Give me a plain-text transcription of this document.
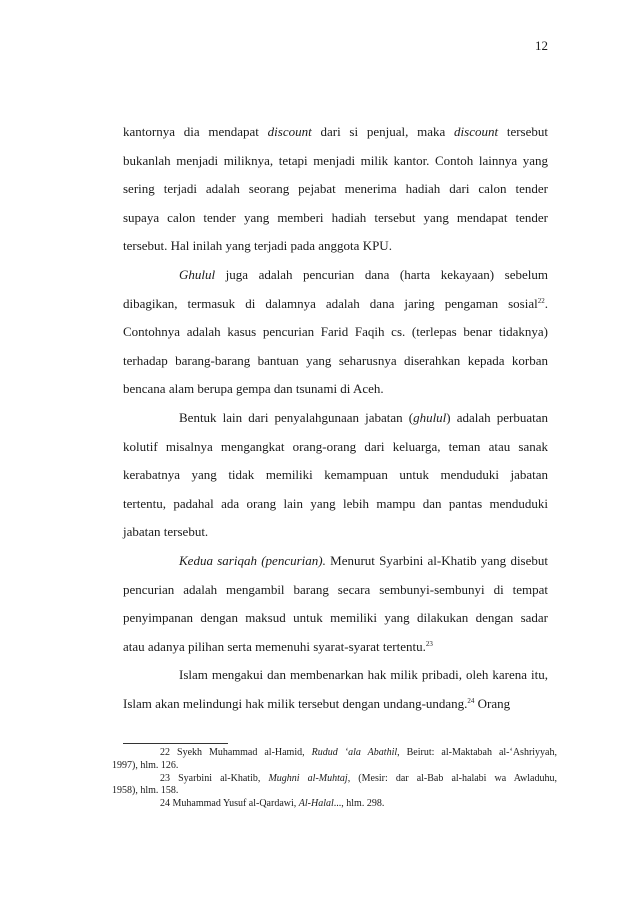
12
kantornya dia mendapat discount dari si penjual, maka discount tersebut
bukanlah menjadi miliknya, tetapi menjadi milik kantor. Contoh lainnya yang
sering terjadi adalah seorang pejabat menerima hadiah dari calon tender
supaya calon tender yang memberi hadiah tersebut yang mendapat tender
tersebut. Hal inilah yang terjadi pada anggota KPU.
Ghulul juga adalah pencurian dana (harta kekayaan) sebelum
dibagikan, termasuk di dalamnya adalah dana jaring pengaman sosial$^{22}$.
Contohnya adalah kasus pencurian Farid Faqih cs. (terlepas benar tidaknya)
terhadap barang-barang bantuan yang seharusnya diserahkan kepada korban
bencana alam berupa gempa dan tsunami di Aceh.
Bentuk lain dari penyalahgunaan jabatan (ghulul) adalah perbuatan
kolutif misalnya mengangkat orang-orang dari keluarga, teman atau sanak
kerabatnya yang tidak memiliki kemampuan untuk menduduki jabatan
tertentu, padahal ada orang lain yang lebih mampu dan pantas menduduki
jabatan tersebut.
Kedua sariqah (pencurian). Menurut Syarbini al-Khatib yang disebut
pencurian adalah mengambil barang secara sembunyi-sembunyi di tempat
penyimpanan dengan maksud untuk memiliki yang dilakukan dengan sadar
atau adanya pilihan serta memenuhi syarat-syarat tertentu.$^{23}$
Islam mengakui dan membenarkan hak milik pribadi, oleh karena itu,
Islam akan melindungi hak milik tersebut dengan undang-undang.$^{24}$ Orang
22 Syekh Muhammad al-Hamid, Rudud ‘ala Abathil, Beirut: al-Maktabah al-‘Ashriyyah,
1997), hlm. 126.
23 Syarbini al-Khatib, Mughni al-Muhtaj, (Mesir: dar al-Bab al-halabi wa Awladuhu,
1958), hlm. 158.
24 Muhammad Yusuf al-Qardawi, Al-Halal..., hlm. 298.
